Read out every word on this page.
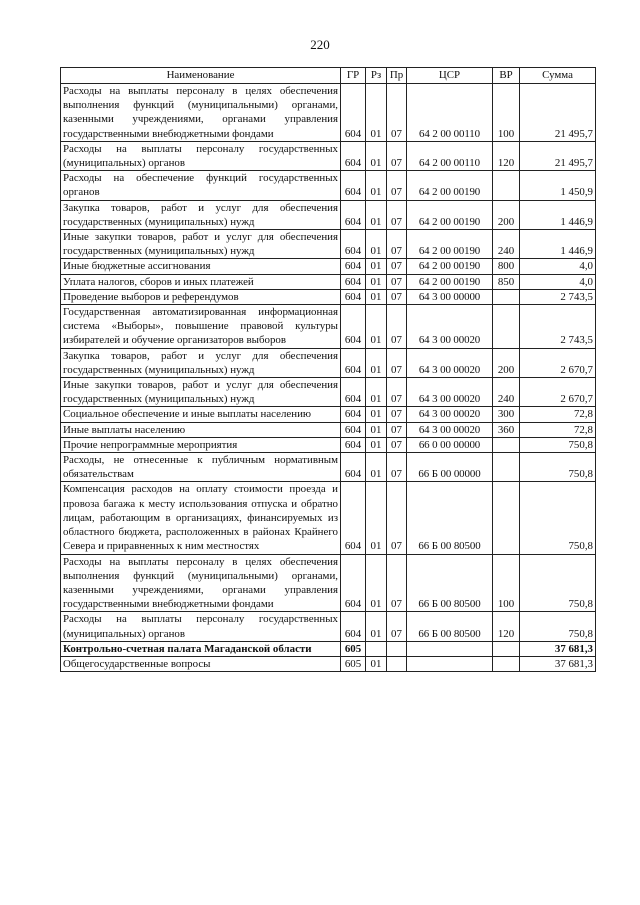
220
Наименование	ГР	Рз	Пр	ЦСР	ВР	Сумма
Расходы на выплаты персоналу в целях обеспечения выполнения функций (муниципальными) органами, казенными учреждениями, органами управления государственными внебюджетными фондами	604	01	07	64 2 00 00110	100	21 495,7
Расходы на выплаты персоналу государственных (муниципальных) органов	604	01	07	64 2 00 00110	120	21 495,7
Расходы на обеспечение функций государственных органов	604	01	07	64 2 00 00190		1 450,9
Закупка товаров, работ и услуг для обеспечения государственных (муниципальных) нужд	604	01	07	64 2 00 00190	200	1 446,9
Иные закупки товаров, работ и услуг для обеспечения государственных (муниципальных) нужд	604	01	07	64 2 00 00190	240	1 446,9
Иные бюджетные ассигнования	604	01	07	64 2 00 00190	800	4,0
Уплата налогов, сборов и иных платежей	604	01	07	64 2 00 00190	850	4,0
Проведение выборов и референдумов	604	01	07	64 3 00 00000		2 743,5
Государственная автоматизированная информационная система «Выборы», повышение правовой культуры избирателей и обучение организаторов выборов	604	01	07	64 3 00 00020		2 743,5
Закупка товаров, работ и услуг для обеспечения государственных (муниципальных) нужд	604	01	07	64 3 00 00020	200	2 670,7
Иные закупки товаров, работ и услуг для обеспечения государственных (муниципальных) нужд	604	01	07	64 3 00 00020	240	2 670,7
Социальное обеспечение и иные выплаты населению	604	01	07	64 3 00 00020	300	72,8
Иные выплаты населению	604	01	07	64 3 00 00020	360	72,8
Прочие непрограммные мероприятия	604	01	07	66 0 00 00000		750,8
Расходы, не отнесенные к публичным нормативным обязательствам	604	01	07	66 Б 00 00000		750,8
Компенсация расходов на оплату стоимости проезда и провоза багажа к месту использования отпуска и обратно лицам, работающим в организациях, финансируемых из областного бюджета, расположенных в районах Крайнего Севера и приравненных к ним местностях	604	01	07	66 Б 00 80500		750,8
Расходы на выплаты персоналу в целях обеспечения выполнения функций (муниципальными) органами, казенными учреждениями, органами управления государственными внебюджетными фондами	604	01	07	66 Б 00 80500	100	750,8
Расходы на выплаты персоналу государственных (муниципальных) органов	604	01	07	66 Б 00 80500	120	750,8
Контрольно-счетная палата Магаданской области	605					37 681,3
Общегосударственные вопросы	605	01				37 681,3
